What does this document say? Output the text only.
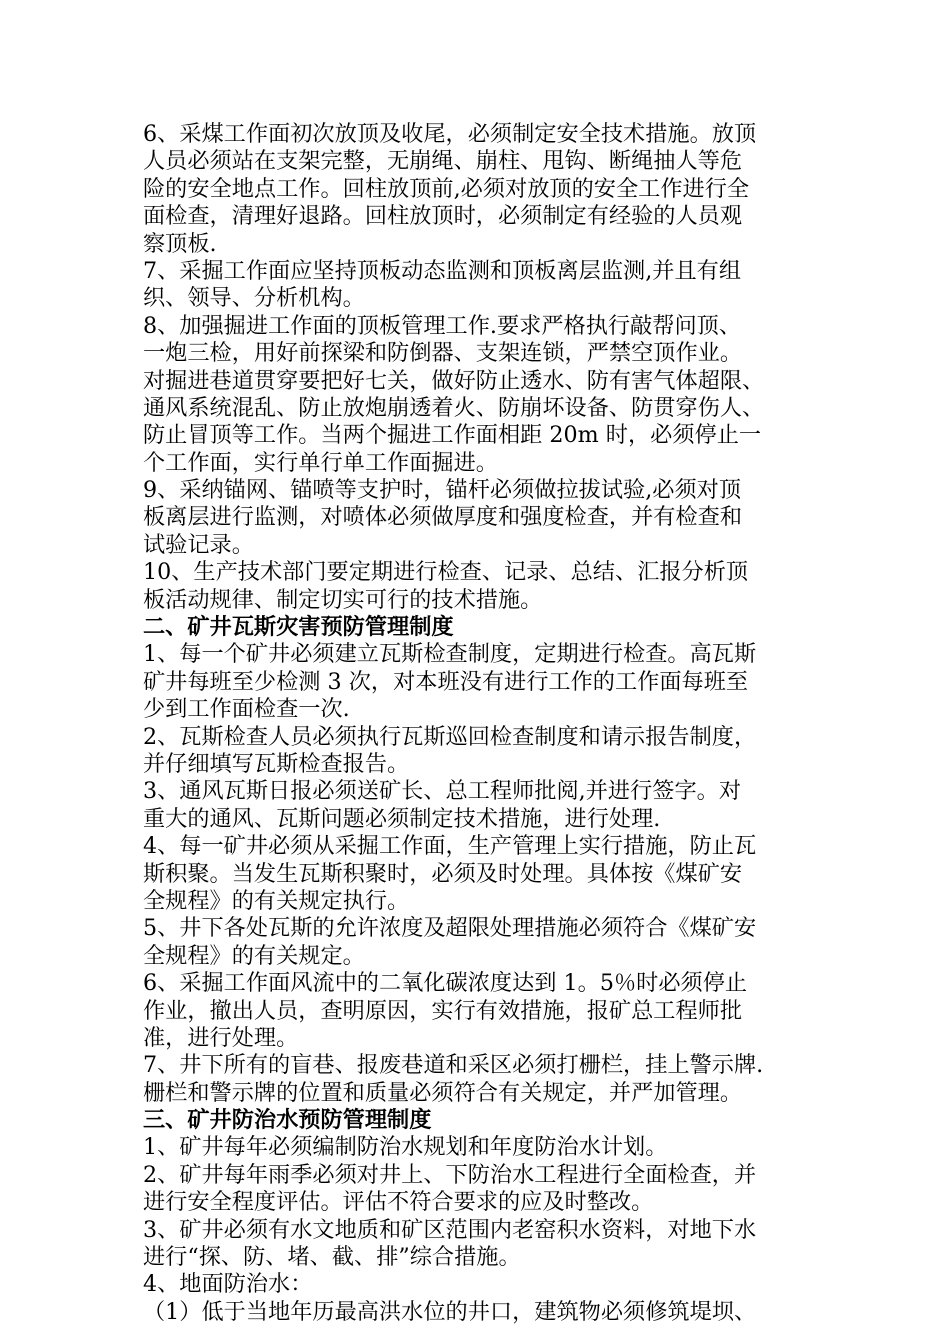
6、采煤工作面初次放顶及收尾，必须制定安全技术措施。放顶
人员必须站在支架完整，无崩绳、崩柱、甩钩、断绳抽人等危
险的安全地点工作。回柱放顶前,必须对放顶的安全工作进行全
面检查，清理好退路。回柱放顶时，必须制定有经验的人员观
察顶板.
7、采掘工作面应坚持顶板动态监测和顶板离层监测,并且有组
织、领导、分析机构。
8、加强掘进工作面的顶板管理工作.要求严格执行敲帮问顶、
一炮三检，用好前探梁和防倒器、支架连锁，严禁空顶作业。
对掘进巷道贯穿要把好七关，做好防止透水、防有害气体超限、
通风系统混乱、防止放炮崩透着火、防崩坏设备、防贯穿伤人、
防止冒顶等工作。当两个掘进工作面相距 20m 时，必须停止一
个工作面，实行单行单工作面掘进。
9、采纳锚网、锚喷等支护时，锚杆必须做拉拔试验,必须对顶
板离层进行监测，对喷体必须做厚度和强度检查，并有检查和
试验记录。
10、生产技术部门要定期进行检查、记录、总结、汇报分析顶
板活动规律、制定切实可行的技术措施。
二、矿井瓦斯灾害预防管理制度
1、每一个矿井必须建立瓦斯检查制度，定期进行检查。高瓦斯
矿井每班至少检测 3 次，对本班没有进行工作的工作面每班至
少到工作面检查一次.
2、瓦斯检查人员必须执行瓦斯巡回检查制度和请示报告制度，
并仔细填写瓦斯检查报告。
3、通风瓦斯日报必须送矿长、总工程师批阅,并进行签字。对
重大的通风、瓦斯问题必须制定技术措施，进行处理.
4、每一矿井必须从采掘工作面，生产管理上实行措施，防止瓦
斯积聚。当发生瓦斯积聚时，必须及时处理。具体按《煤矿安
全规程》的有关规定执行。
5、井下各处瓦斯的允许浓度及超限处理措施必须符合《煤矿安
全规程》的有关规定。
6、采掘工作面风流中的二氧化碳浓度达到 1。5％时必须停止
作业，撤出人员，查明原因，实行有效措施，报矿总工程师批
准，进行处理。
7、井下所有的盲巷、报废巷道和采区必须打栅栏，挂上警示牌.
栅栏和警示牌的位置和质量必须符合有关规定，并严加管理。
三、矿井防治水预防管理制度
1、矿井每年必须编制防治水规划和年度防治水计划。
2、矿井每年雨季必须对井上、下防治水工程进行全面检查，并
进行安全程度评估。评估不符合要求的应及时整改。
3、矿井必须有水文地质和矿区范围内老窑积水资料，对地下水
进行“探、防、堵、截、排”综合措施。
4、地面防治水：
（1）低于当地年历最高洪水位的井口，建筑物必须修筑堤坝、
